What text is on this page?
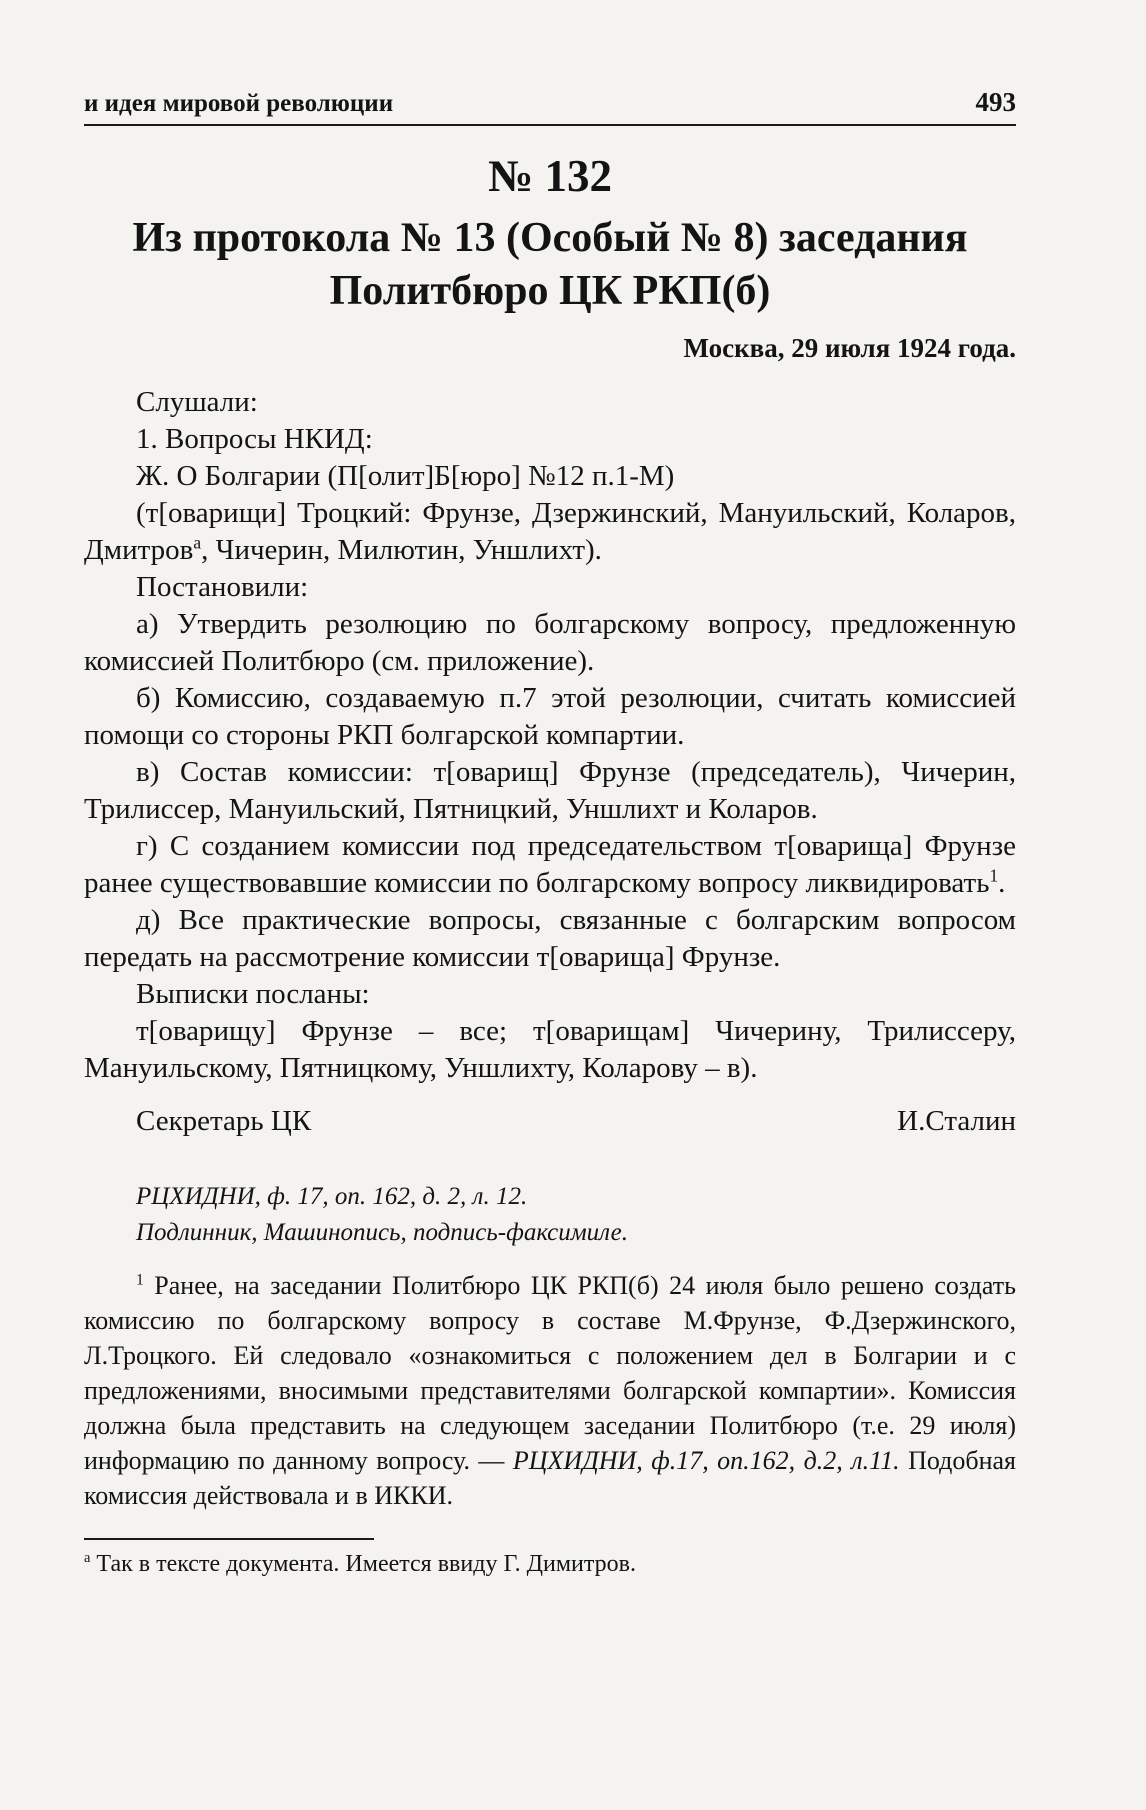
и идея мировой революции	493
№ 132
Из протокола № 13 (Особый № 8) заседания Политбюро ЦК РКП(б)
Москва, 29 июля 1924 года.

Слушали:

1. Вопросы НКИД:

Ж. О Болгарии (П[олит]Б[юро] №12 п.1-М)

(т[оварищи] Троцкий: Фрунзе, Дзержинский, Мануильский, Коларов, Дмитров$^а$, Чичерин, Милютин, Уншлихт).

Постановили:

а) Утвердить резолюцию по болгарскому вопросу, предложенную комиссией Политбюро (см. приложение).

б) Комиссию, создаваемую п.7 этой резолюции, считать комиссией помощи со стороны РКП болгарской компартии.

в) Состав комиссии: т[оварищ] Фрунзе (председатель), Чичерин, Трилиссер, Мануильский, Пятницкий, Уншлихт и Коларов.

г) С созданием комиссии под председательством т[оварища] Фрунзе ранее существовавшие комиссии по болгарскому вопросу ликвидировать$^1$.

д) Все практические вопросы, связанные с болгарским вопросом передать на рассмотрение комиссии т[оварища] Фрунзе.

Выписки посланы:

т[оварищу] Фрунзе – все; т[оварищам] Чичерину, Трилиссеру, Мануильскому, Пятницкому, Уншлихту, Коларову – в).

Секретарь ЦК	И.Сталин
РЦХИДНИ, ф. 17, оп. 162, д. 2, л. 12.
Подлинник, Машинопись, подпись-факсимиле.

$^1$ Ранее, на заседании Политбюро ЦК РКП(б) 24 июля было решено создать комиссию по болгарскому вопросу в составе М.Фрунзе, Ф.Дзержинского, Л.Троцкого. Ей следовало «ознакомиться с положением дел в Болгарии и с предложениями, вносимыми представителями болгарской компартии». Комиссия должна была представить на следующем заседании Политбюро (т.е. 29 июля) информацию по данному вопросу. — РЦХИДНИ, ф.17, оп.162, д.2, л.11. Подобная комиссия действовала и в ИККИ.

$^а$ Так в тексте документа. Имеется ввиду Г. Димитров.
